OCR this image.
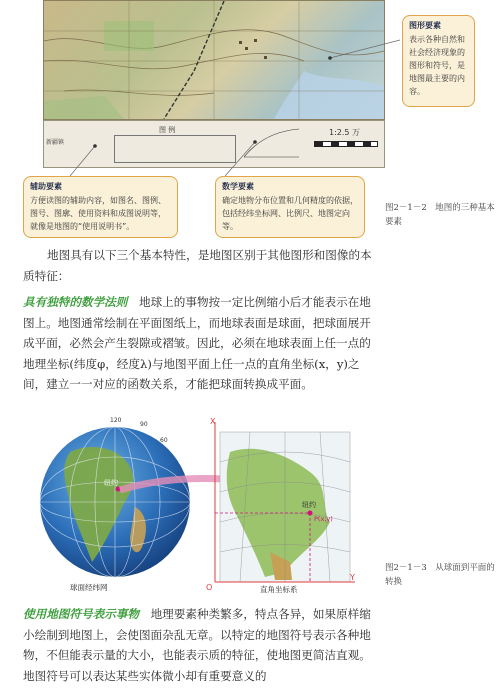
新疆镇
图 例	1:2.5 万
图形要素
表示各种自然和社会经济现象的图形和符号，是地图最主要的内容。
辅助要素
方便读图的辅助内容，如图名、图例、图号、图廓、使用资料和成图说明等，就像是地图的“使用说明书”。
数学要素
确定地物分布位置和几何精度的依据，包括经纬坐标网、比例尺、地图定向等。
图2－1－2　地图的三种基本要素
地图具有以下三个基本特性，是地图区别于其他图形和图像的本质特征：
具有独特的数学法则　 地球上的事物按一定比例缩小后才能表示在地图上。地图通常绘制在平面图纸上，而地球表面是球面，把球面展开成平面，必然会产生裂隙或褶皱。因此，必须在地球表面上任一点的地理坐标(纬度φ，经度λ)与地图平面上任一点的直角坐标(x，y)之间，建立一一对应的函数关系，才能把球面转换成平面。
纽约
120
90
60
球面经纬网
纽约
P(x,y)
X
Y
O	直角坐标系
图2－1－3　从球面到平面的转换
使用地图符号表示事物　 地理要素种类繁多，特点各异，如果原样缩小绘制到地图上，会使图面杂乱无章。以特定的地图符号表示各种地物，不但能表示量的大小，也能表示质的特征，使地图更简洁直观。地图符号可以表达某些实体微小却有重要意义的
